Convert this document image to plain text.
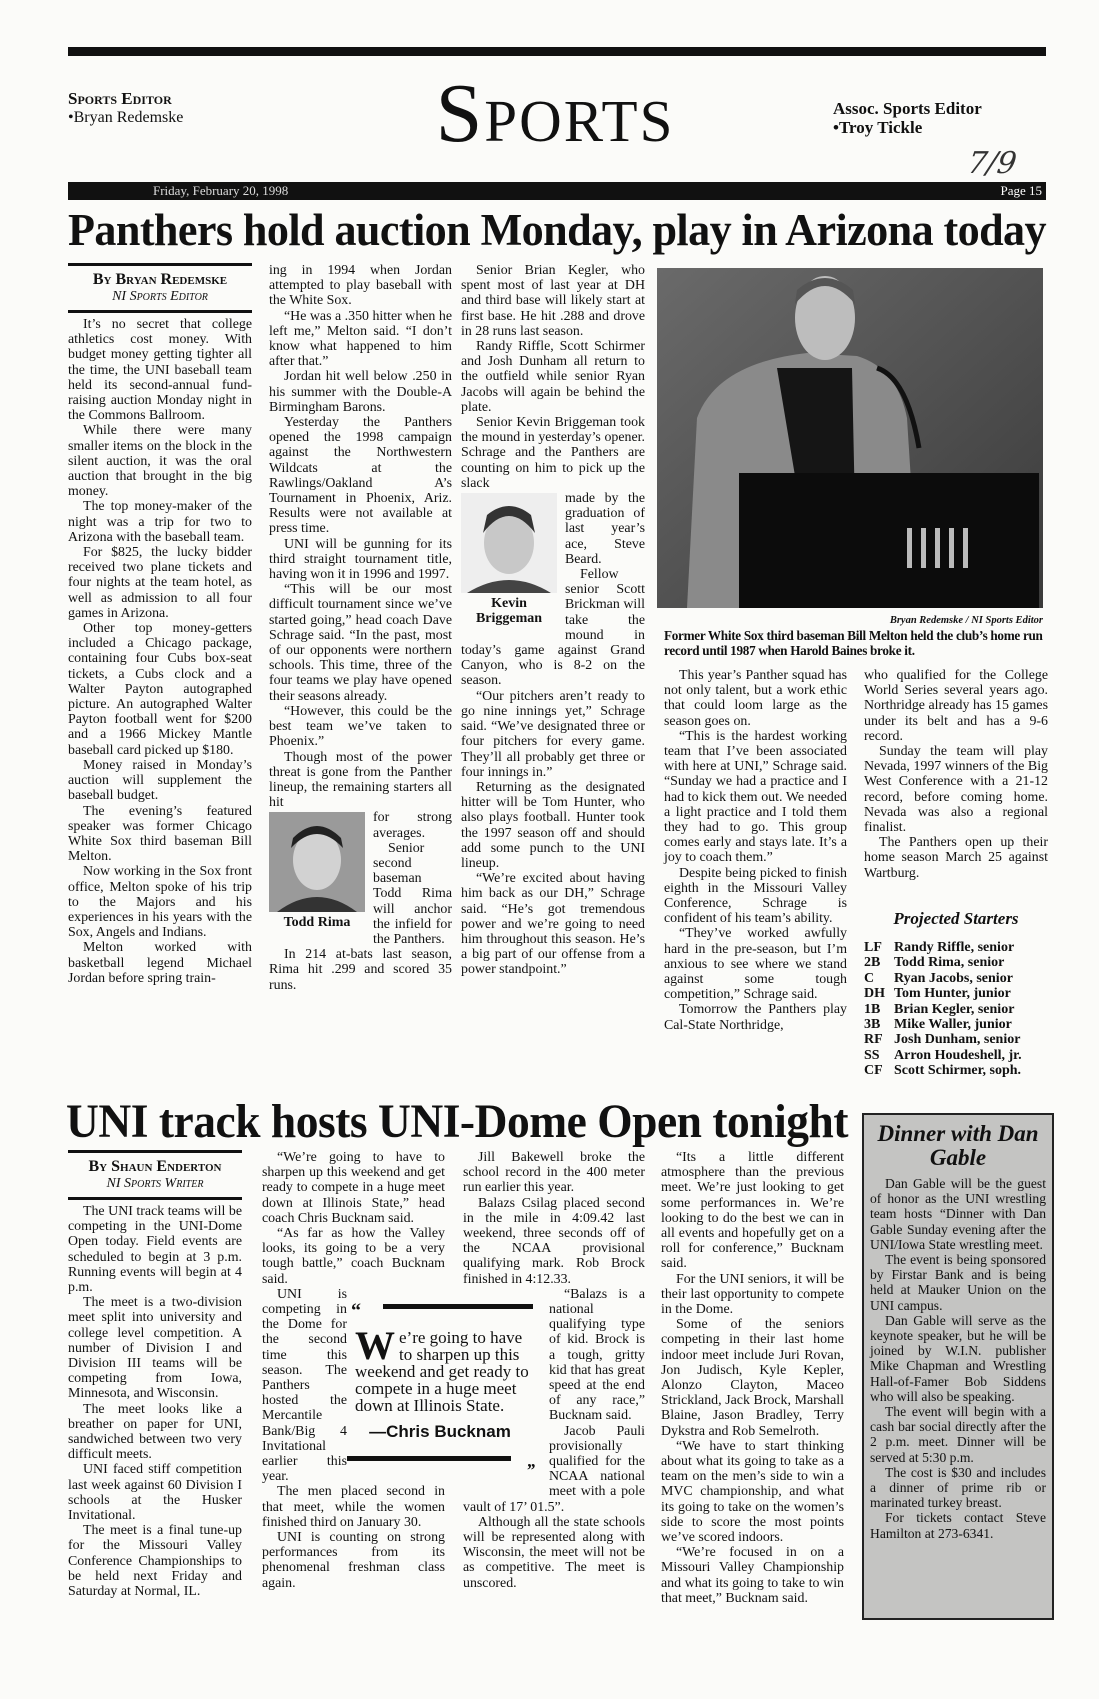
Sports Editor
•Bryan Redemske	Sports	Assoc. Sports Editor
•Troy Tickle
7/9
Friday, February 20, 1998	Page 15
Panthers hold auction Monday, play in Arizona today
By Bryan Redemske
NI Sports Editor

It’s no secret that college athletics cost money. With budget money getting tighter all the time, the UNI baseball team held its second-annual fund-raising auction Monday night in the Commons Ballroom.

While there were many smaller items on the block in the silent auction, it was the oral auction that brought in the big money.

The top money-maker of the night was a trip for two to Arizona with the baseball team.

For $825, the lucky bidder received two plane tickets and four nights at the team hotel, as well as admission to all four games in Arizona.

Other top money-getters included a Chicago package, containing four Cubs box-seat tickets, a Cubs clock and a Walter Payton autographed picture. An autographed Walter Payton football went for $200 and a 1966 Mickey Mantle baseball card picked up $180.

Money raised in Monday’s auction will supplement the baseball budget.

The evening’s featured speaker was former Chicago White Sox third baseman Bill Melton.

Now working in the Sox front office, Melton spoke of his trip to the Majors and his experiences in his years with the Sox, Angels and Indians.

Melton worked with basketball legend Michael Jordan before spring train-

ing in 1994 when Jordan attempted to play baseball with the White Sox.

“He was a .350 hitter when he left me,” Melton said. “I don’t know what happened to him after that.”

Jordan hit well below .250 in his summer with the Double-A Birmingham Barons.

Yesterday the Panthers opened the 1998 campaign against the Northwestern Wildcats at the Rawlings/Oakland A’s Tournament in Phoenix, Ariz. Results were not available at press time.

UNI will be gunning for its third straight tournament title, having won it in 1996 and 1997.

“This will be our most difficult tournament since we’ve started going,” head coach Dave Schrage said. “In the past, most of our opponents were northern schools. This time, three of the four teams we play have opened their seasons already.

“However, this could be the best team we’ve taken to Phoenix.”

Though most of the power threat is gone from the Panther lineup, the remaining starters all hit

Todd Rima

for strong averages.

Senior second baseman Todd Rima will anchor the infield for the Panthers.

In 214 at-bats last season, Rima hit .299 and scored 35 runs.

Senior Brian Kegler, who spent most of last year at DH and third base will likely start at first base. He hit .288 and drove in 28 runs last season.

Randy Riffle, Scott Schirmer and Josh Dunham all return to the outfield while senior Ryan Jacobs will again be behind the plate.

Senior Kevin Briggeman took the mound in yesterday’s opener. Schrage and the Panthers are counting on him to pick up the slack

Kevin Briggeman

made by the graduation of last year’s ace, Steve Beard.

Fellow senior Scott Brickman will take the mound in today’s game against Grand Canyon, who is 8-2 on the season.

“Our pitchers aren’t ready to go nine innings yet,” Schrage said. “We’ve designated three or four pitchers for every game. They’ll all probably get three or four innings in.”

Returning as the designated hitter will be Tom Hunter, who also plays football. Hunter took the 1997 season off and should add some punch to the UNI lineup.

“We’re excited about having him back as our DH,” Schrage said. “He’s got tremendous power and we’re going to need him throughout this season. He’s a big part of our offense from a power standpoint.”

Bryan Redemske / NI Sports Editor
Former White Sox third baseman Bill Melton held the club’s home run record until 1987 when Harold Baines broke it.

This year’s Panther squad has not only talent, but a work ethic that could loom large as the season goes on.

“This is the hardest working team that I’ve been associated with here at UNI,” Schrage said. “Sunday we had a practice and I had to kick them out. We needed a light practice and I told them they had to go. This group comes early and stays late. It’s a joy to coach them.”

Despite being picked to finish eighth in the Missouri Valley Conference, Schrage is confident of his team’s ability.

“They’ve worked awfully hard in the pre-season, but I’m anxious to see where we stand against some tough competition,” Schrage said.

Tomorrow the Panthers play Cal-State Northridge,

who qualified for the College World Series several years ago. Northridge already has 15 games under its belt and has a 9-6 record.

Sunday the team will play Nevada, 1997 winners of the Big West Conference with a 21-12 record, before coming home. Nevada was also a regional finalist.

The Panthers open up their home season March 25 against Wartburg.

Projected Starters
LF Randy Riffle, senior
2B Todd Rima, senior
C	Ryan Jacobs, senior
DH Tom Hunter, junior
1B Brian Kegler, senior
3B Mike Waller, junior
RF Josh Dunham, senior
SS	Arron Houdeshell, jr.
CF Scott Schirmer, soph.
UNI track hosts UNI-Dome Open tonight
By Shaun Enderton
NI Sports Writer

The UNI track teams will be competing in the UNI-Dome Open today. Field events are scheduled to begin at 3 p.m. Running events will begin at 4 p.m.

The meet is a two-division meet split into university and college level competition. A number of Division I and Division III teams will be competing from Iowa, Minnesota, and Wisconsin.

The meet looks like a breather on paper for UNI, sandwiched between two very difficult meets.

UNI faced stiff competition last week against 60 Division I schools at the Husker Invitational.

The meet is a final tune-up for the Missouri Valley Conference Championships to be held next Friday and Saturday at Normal, IL.

“We’re going to have to sharpen up this weekend and get ready to compete in a huge meet down at Illinois State,” head coach Chris Bucknam said.

“As far as how the Valley looks, its going to be a very tough battle,” coach Bucknam said.

UNI is competing in the Dome for the second time this season. The Panthers hosted the Mercantile Bank/Big 4 Invitational earlier this year.

The men placed second in that meet, while the women finished third on January 30.

UNI is counting on strong performances from its phenomenal freshman class again.

Jill Bakewell broke the school record in the 400 meter run earlier this year.

Balazs Csilag placed second in the mile in 4:09.42 last weekend, three seconds off of the NCAA provisional qualifying mark. Rob Brock finished in 4:12.33.

“Balazs is a national qualifying type of kid. Brock is a tough, gritty kid that has great speed at the end of any race,” Bucknam said.

Jacob Pauli provisionally qualified for the NCAA national meet with a pole vault of 17’ 01.5”.

Although all the state schools will be represented along with Wisconsin, the meet will not be as competitive. The meet is unscored.

“
We’re going to have to sharpen up this weekend and get ready to compete in a huge meet down at Illinois State.
—Chris Bucknam
”

“Its a little different atmosphere than the previous meet. We’re just looking to get some performances in. We’re looking to do the best we can in all events and hopefully get on a roll for conference,” Bucknam said.

For the UNI seniors, it will be their last opportunity to compete in the Dome.

Some of the seniors competing in their last home indoor meet include Juri Rovan, Jon Judisch, Kyle Kepler, Alonzo Clayton, Maceo Strickland, Jack Brock, Marshall Blaine, Jason Bradley, Terry Dykstra and Rob Semelroth.

“We have to start thinking about what its going to take as a team on the men’s side to win a MVC championship, and what its going to take on the women’s side to score the most points we’ve scored indoors.

“We’re focused in on a Missouri Valley Championship and what its going to take to win that meet,” Bucknam said.

Dinner with Dan Gable

Dan Gable will be the guest of honor as the UNI wrestling team hosts “Dinner with Dan Gable Sunday evening after the UNI/Iowa State wrestling meet.

The event is being sponsored by Firstar Bank and is being held at Mauker Union on the UNI campus.

Dan Gable will serve as the keynote speaker, but he will be joined by W.I.N. publisher Mike Chapman and Wrestling Hall-of-Famer Bob Siddens who will also be speaking.

The event will begin with a cash bar social directly after the 2 p.m. meet. Dinner will be served at 5:30 p.m.

The cost is $30 and includes a dinner of prime rib or marinated turkey breast.

For tickets contact Steve Hamilton at 273-6341.
